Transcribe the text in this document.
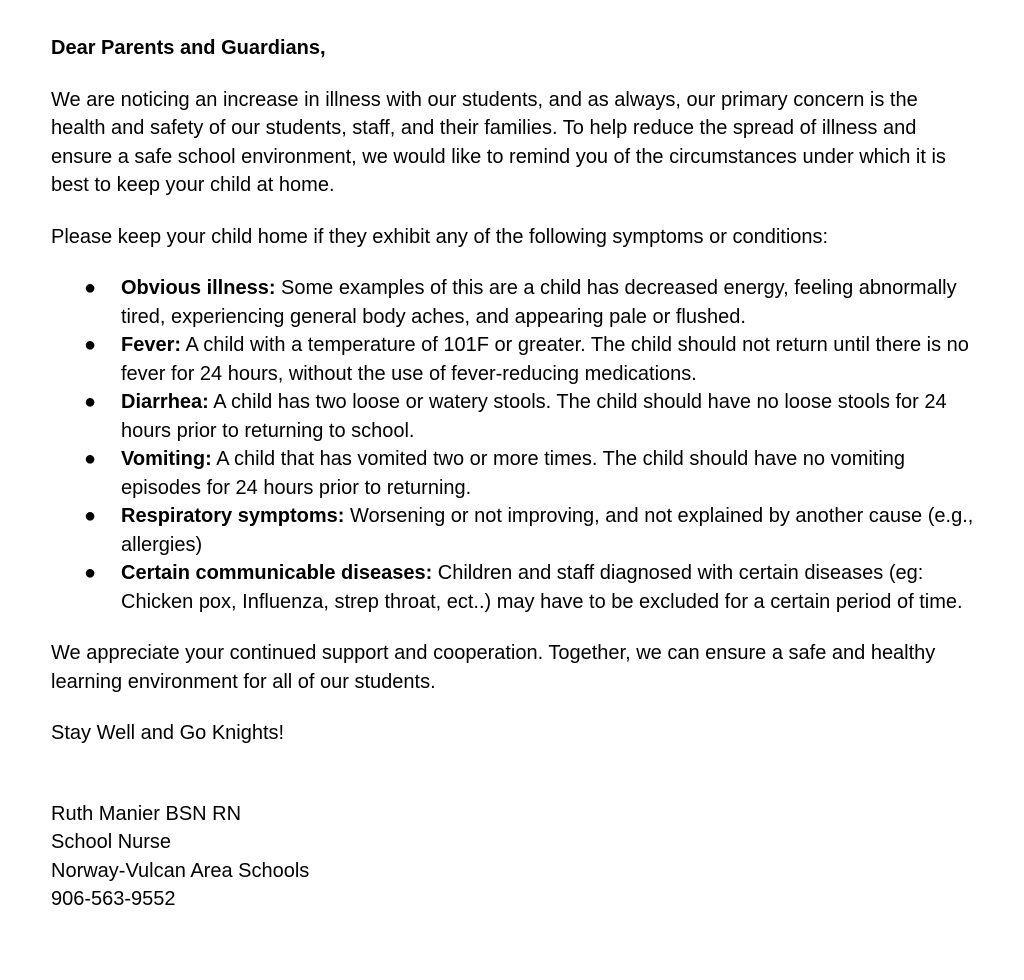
Dear Parents and Guardians,

We are noticing an increase in illness with our students, and as always, our primary concern is the health and safety of our students, staff, and their families. To help reduce the spread of illness and ensure a safe school environment, we would like to remind you of the circumstances under which it is best to keep your child at home.

Please keep your child home if they exhibit any of the following symptoms or conditions:

● Obvious illness: Some examples of this are a child has decreased energy, feeling abnormally tired, experiencing general body aches, and appearing pale or flushed.
● Fever: A child with a temperature of 101F or greater. The child should not return until there is no fever for 24 hours, without the use of fever-reducing medications.
● Diarrhea: A child has two loose or watery stools. The child should have no loose stools for 24 hours prior to returning to school.
● Vomiting: A child that has vomited two or more times. The child should have no vomiting episodes for 24 hours prior to returning.
● Respiratory symptoms: Worsening or not improving, and not explained by another cause (e.g., allergies)
● Certain communicable diseases: Children and staff diagnosed with certain diseases (eg: Chicken pox, Influenza, strep throat, ect..) may have to be excluded for a certain period of time.

We appreciate your continued support and cooperation. Together, we can ensure a safe and healthy learning environment for all of our students.

Stay Well and Go Knights!

Ruth Manier BSN RN

School Nurse

Norway-Vulcan Area Schools

906-563-9552
